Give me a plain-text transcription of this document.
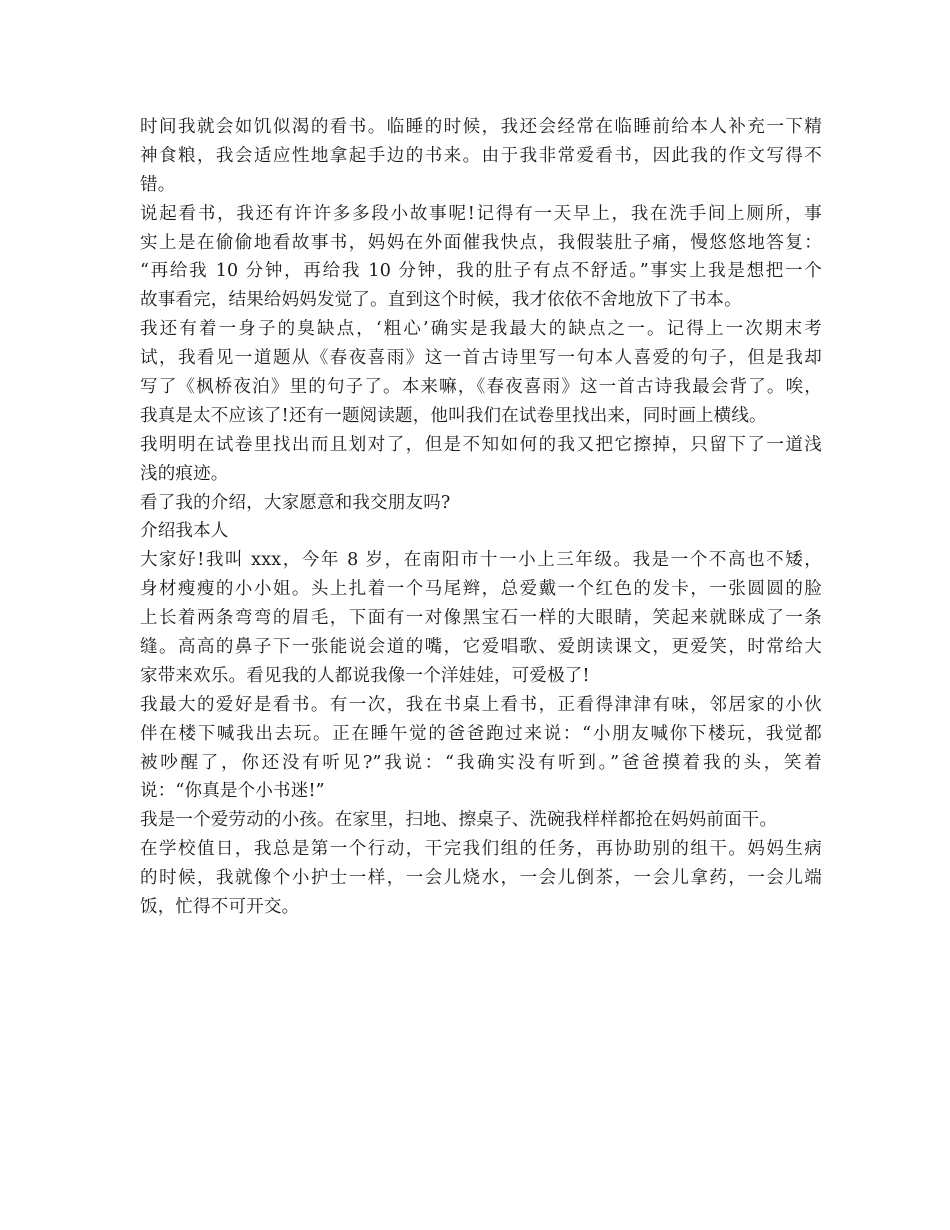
时间我就会如饥似渴的看书。临睡的时候，我还会经常在临睡前给本人补充一下精
神食粮，我会适应性地拿起手边的书来。由于我非常爱看书，因此我的作文写得不
错。
说起看书，我还有许许多多段小故事呢!记得有一天早上，我在洗手间上厕所，事
实上是在偷偷地看故事书，妈妈在外面催我快点，我假装肚子痛，慢悠悠地答复：
“再给我 10 分钟，再给我 10 分钟，我的肚子有点不舒适。”事实上我是想把一个
故事看完，结果给妈妈发觉了。直到这个时候，我才依依不舍地放下了书本。
我还有着一身子的臭缺点，‘粗心’确实是我最大的缺点之一。记得上一次期末考
试，我看见一道题从《春夜喜雨》这一首古诗里写一句本人喜爱的句子，但是我却
写了《枫桥夜泊》里的句子了。本来嘛，《春夜喜雨》这一首古诗我最会背了。唉，
我真是太不应该了!还有一题阅读题，他叫我们在试卷里找出来，同时画上横线。
我明明在试卷里找出而且划对了，但是不知如何的我又把它擦掉，只留下了一道浅
浅的痕迹。
看了我的介绍，大家愿意和我交朋友吗?
介绍我本人
大家好!我叫 xxx，今年 8 岁，在南阳市十一小上三年级。我是一个不高也不矮，
身材瘦瘦的小小姐。头上扎着一个马尾辫，总爱戴一个红色的发卡，一张圆圆的脸
上长着两条弯弯的眉毛，下面有一对像黑宝石一样的大眼睛，笑起来就眯成了一条
缝。高高的鼻子下一张能说会道的嘴，它爱唱歌、爱朗读课文，更爱笑，时常给大
家带来欢乐。看见我的人都说我像一个洋娃娃，可爱极了!
我最大的爱好是看书。有一次，我在书桌上看书，正看得津津有味，邻居家的小伙
伴在楼下喊我出去玩。正在睡午觉的爸爸跑过来说：“小朋友喊你下楼玩，我觉都
被吵醒了，你还没有听见?”我说：“我确实没有听到。”爸爸摸着我的头，笑着
说：“你真是个小书迷!”
我是一个爱劳动的小孩。在家里，扫地、擦桌子、洗碗我样样都抢在妈妈前面干。
在学校值日，我总是第一个行动，干完我们组的任务，再协助别的组干。妈妈生病
的时候，我就像个小护士一样，一会儿烧水，一会儿倒茶，一会儿拿药，一会儿端
饭，忙得不可开交。
